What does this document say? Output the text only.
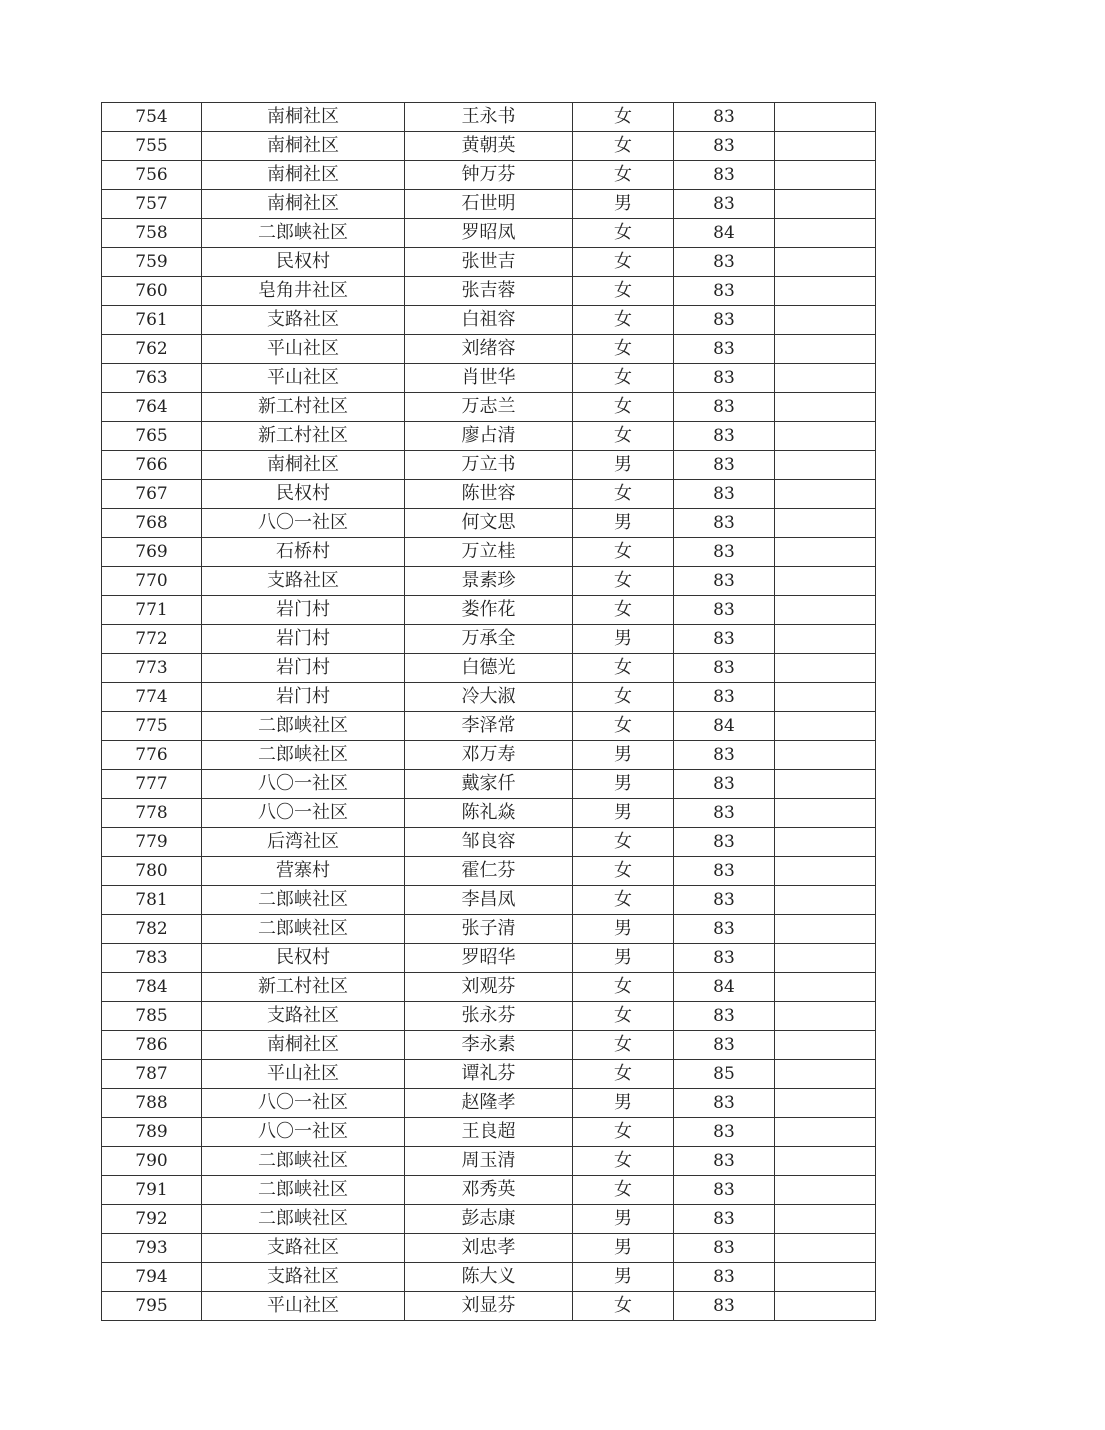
754	南桐社区	王永书	女	83	
755	南桐社区	黄朝英	女	83	
756	南桐社区	钟万芬	女	83	
757	南桐社区	石世明	男	83	
758	二郎峡社区	罗昭凤	女	84	
759	民权村	张世吉	女	83	
760	皂角井社区	张吉蓉	女	83	
761	支路社区	白祖容	女	83	
762	平山社区	刘绪容	女	83	
763	平山社区	肖世华	女	83	
764	新工村社区	万志兰	女	83	
765	新工村社区	廖占清	女	83	
766	南桐社区	万立书	男	83	
767	民权村	陈世容	女	83	
768	八〇一社区	何文思	男	83	
769	石桥村	万立桂	女	83	
770	支路社区	景素珍	女	83	
771	岩门村	娄作花	女	83	
772	岩门村	万承全	男	83	
773	岩门村	白德光	女	83	
774	岩门村	冷大淑	女	83	
775	二郎峡社区	李泽常	女	84	
776	二郎峡社区	邓万寿	男	83	
777	八〇一社区	戴家仟	男	83	
778	八〇一社区	陈礼焱	男	83	
779	后湾社区	邹良容	女	83	
780	营寨村	霍仁芬	女	83	
781	二郎峡社区	李昌凤	女	83	
782	二郎峡社区	张子清	男	83	
783	民权村	罗昭华	男	83	
784	新工村社区	刘观芬	女	84	
785	支路社区	张永芬	女	83	
786	南桐社区	李永素	女	83	
787	平山社区	谭礼芬	女	85	
788	八〇一社区	赵隆孝	男	83	
789	八〇一社区	王良超	女	83	
790	二郎峡社区	周玉清	女	83	
791	二郎峡社区	邓秀英	女	83	
792	二郎峡社区	彭志康	男	83	
793	支路社区	刘忠孝	男	83	
794	支路社区	陈大义	男	83	
795	平山社区	刘显芬	女	83	
